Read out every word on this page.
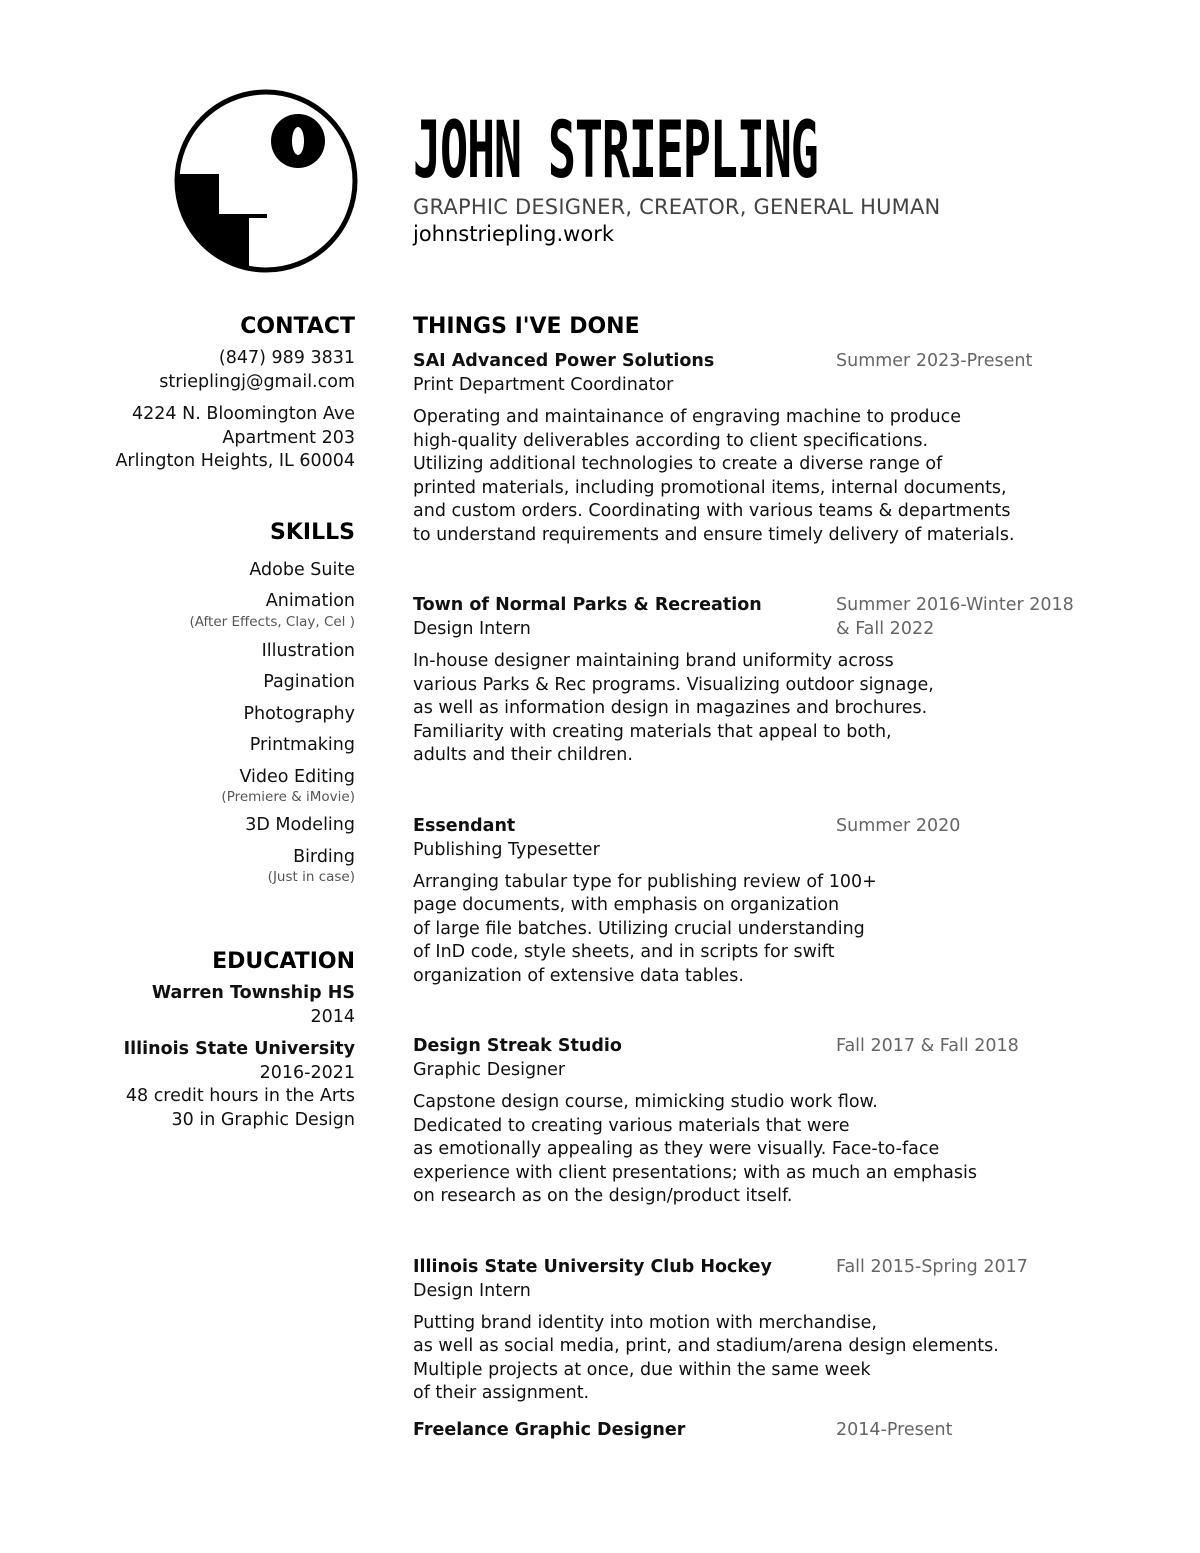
JOHN STRIEPLING
GRAPHIC DESIGNER, CREATOR, GENERAL HUMAN
johnstriepling.work
CONTACT
(847) 989 3831
strieplingj@gmail.com
4224 N. Bloomington Ave
Apartment 203
Arlington Heights, IL 60004
SKILLS
Adobe Suite
Animation
(After Effects, Clay, Cel )
Illustration
Pagination
Photography
Printmaking
Video Editing
(Premiere & iMovie)
3D Modeling
Birding
(Just in case)
EDUCATION
Warren Township HS
2014
Illinois State University
2016-2021
48 credit hours in the Arts
30 in Graphic Design
THINGS I'VE DONE
SAI Advanced Power Solutions	Summer 2023-Present
Print Department Coordinator
Operating and maintainance of engraving machine to produce
high-quality deliverables according to client specifications.
Utilizing additional technologies to create a diverse range of
printed materials, including promotional items, internal documents,
and custom orders. Coordinating with various teams & departments
to understand requirements and ensure timely delivery of materials.
Town of Normal Parks & Recreation	Summer 2016-Winter 2018
Design Intern	& Fall 2022
In-house designer maintaining brand uniformity across
various Parks & Rec programs. Visualizing outdoor signage,
as well as information design in magazines and brochures.
Familiarity with creating materials that appeal to both,
adults and their children.
Essendant	Summer 2020
Publishing Typesetter
Arranging tabular type for publishing review of 100+
page documents, with emphasis on organization
of large file batches. Utilizing crucial understanding
of InD code, style sheets, and in scripts for swift
organization of extensive data tables.
Design Streak Studio	Fall 2017 & Fall 2018
Graphic Designer
Capstone design course, mimicking studio work flow.
Dedicated to creating various materials that were
as emotionally appealing as they were visually. Face-to-face
experience with client presentations; with as much an emphasis
on research as on the design/product itself.
Illinois State University Club Hockey	Fall 2015-Spring 2017
Design Intern
Putting brand identity into motion with merchandise,
as well as social media, print, and stadium/arena design elements.
Multiple projects at once, due within the same week
of their assignment.
Freelance Graphic Designer	2014-Present
